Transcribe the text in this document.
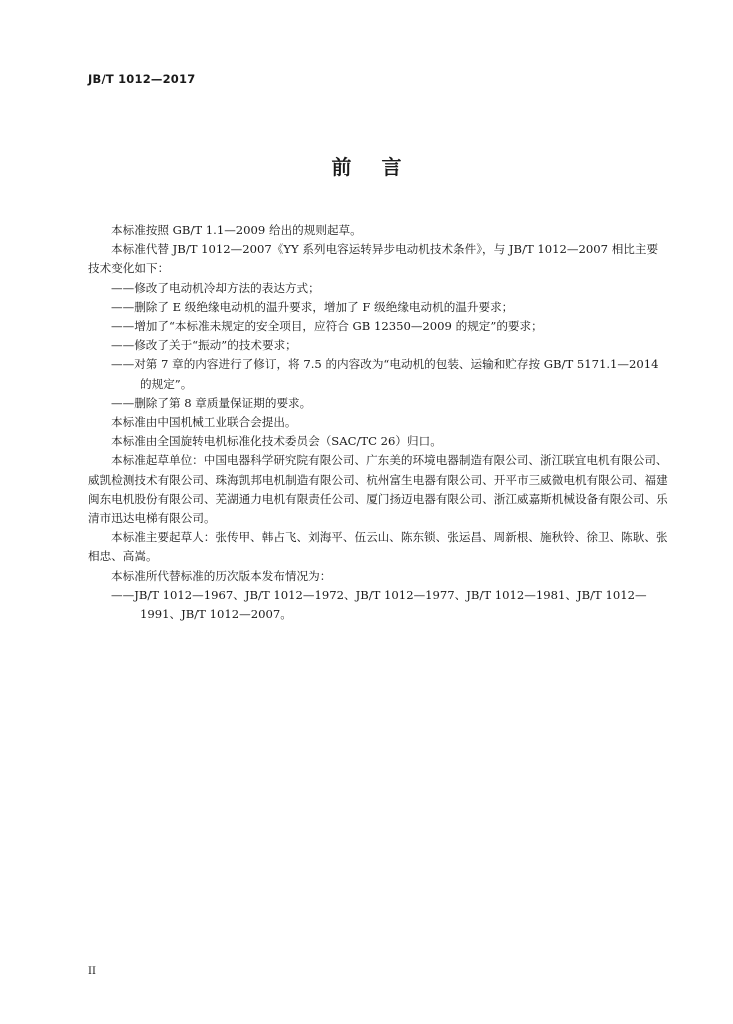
JB/T 1012—2017
前言

本标准按照 GB/T 1.1—2009 给出的规则起草。

本标准代替 JB/T 1012—2007《YY 系列电容运转异步电动机技术条件》，与 JB/T 1012—2007 相比主要技术变化如下：

——修改了电动机冷却方法的表达方式；

——删除了 E 级绝缘电动机的温升要求，增加了 F 级绝缘电动机的温升要求；

——增加了“本标准未规定的安全项目，应符合 GB 12350—2009 的规定”的要求；

——修改了关于“振动”的技术要求；

——对第 7 章的内容进行了修订，将 7.5 的内容改为“电动机的包装、运输和贮存按 GB/T 5171.1—2014 的规定”。

——删除了第 8 章质量保证期的要求。

本标准由中国机械工业联合会提出。

本标准由全国旋转电机标准化技术委员会（SAC/TC 26）归口。

本标准起草单位：中国电器科学研究院有限公司、广东美的环境电器制造有限公司、浙江联宜电机有限公司、威凯检测技术有限公司、珠海凯邦电机制造有限公司、杭州富生电器有限公司、开平市三威微电机有限公司、福建闽东电机股份有限公司、芜湖通力电机有限责任公司、厦门扬迈电器有限公司、浙江威嘉斯机械设备有限公司、乐清市迅达电梯有限公司。

本标准主要起草人：张传甲、韩占飞、刘海平、伍云山、陈东锁、张运昌、周新根、施秋铃、徐卫、陈耿、张相忠、高嵩。

本标准所代替标准的历次版本发布情况为：

——JB/T 1012—1967、JB/T 1012—1972、JB/T 1012—1977、JB/T 1012—1981、JB/T 1012—1991、JB/T 1012—2007。

II
